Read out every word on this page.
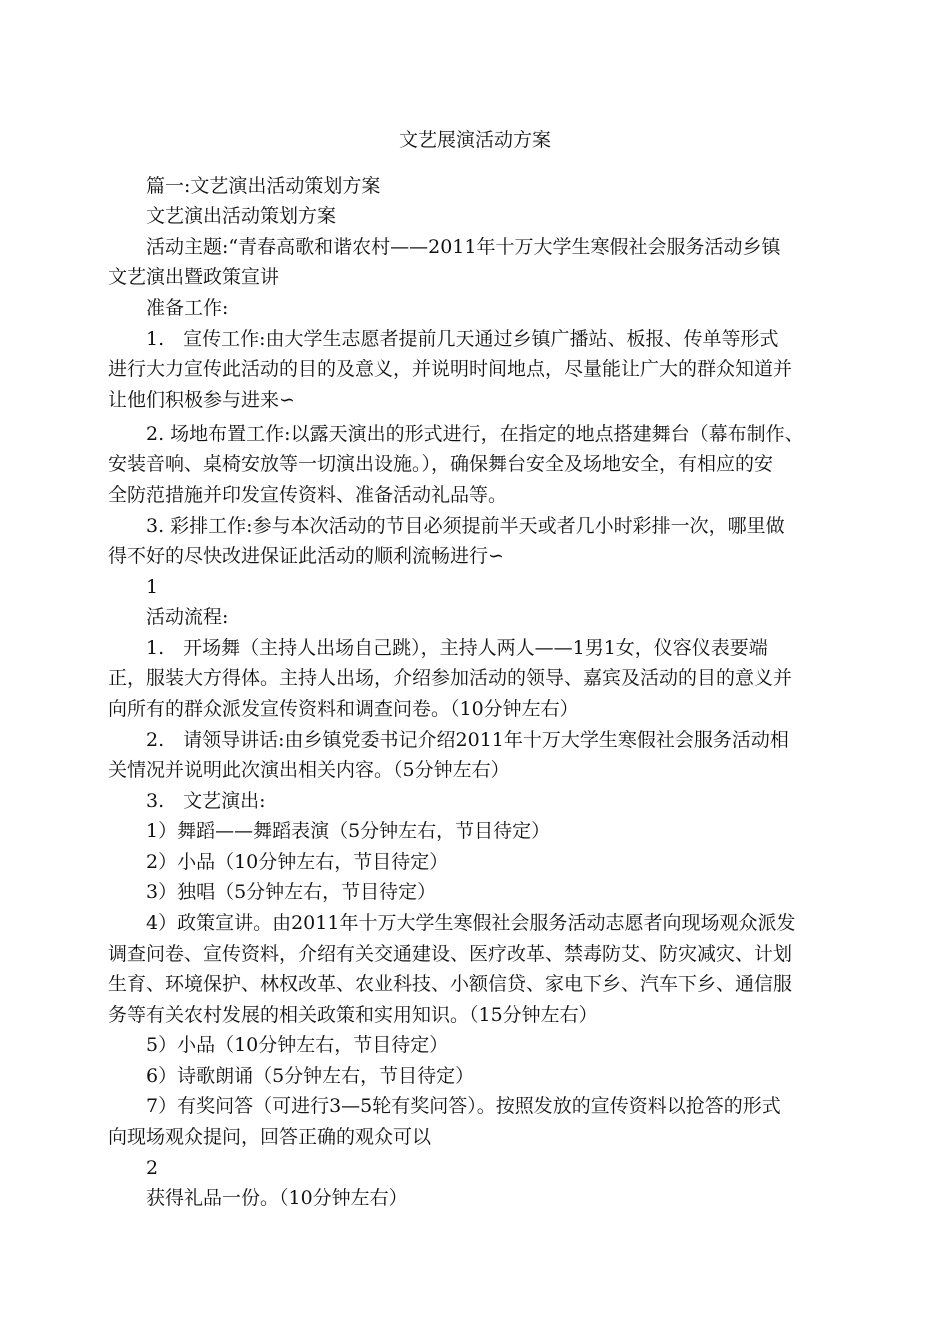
文艺展演活动方案
篇一:文艺演出活动策划方案
文艺演出活动策划方案
活动主题:“青春高歌和谐农村——2011年十万大学生寒假社会服务活动乡镇
文艺演出暨政策宣讲
准备工作:
1.　宣传工作:由大学生志愿者提前几天通过乡镇广播站、板报、传单等形式
进行大力宣传此活动的目的及意义，并说明时间地点，尽量能让广大的群众知道并
让他们积极参与进来∽
2. 场地布置工作:以露天演出的形式进行，在指定的地点搭建舞台（幕布制作、
安装音响、桌椅安放等一切演出设施。），确保舞台安全及场地安全，有相应的安
全防范措施并印发宣传资料、准备活动礼品等。
3. 彩排工作:参与本次活动的节目必须提前半天或者几小时彩排一次，哪里做
得不好的尽快改进保证此活动的顺利流畅进行∽
1
活动流程:
1.　开场舞（主持人出场自己跳），主持人两人——1男1女，仪容仪表要端
正，服装大方得体。主持人出场，介绍参加活动的领导、嘉宾及活动的目的意义并
向所有的群众派发宣传资料和调查问卷。（10分钟左右）
2.　请领导讲话:由乡镇党委书记介绍2011年十万大学生寒假社会服务活动相
关情况并说明此次演出相关内容。（5分钟左右）
3.　文艺演出:
1）舞蹈——舞蹈表演（5分钟左右，节目待定）
2）小品（10分钟左右，节目待定）
3）独唱（5分钟左右，节目待定）
4）政策宣讲。由2011年十万大学生寒假社会服务活动志愿者向现场观众派发
调查问卷、宣传资料，介绍有关交通建设、医疗改革、禁毒防艾、防灾减灾、计划
生育、环境保护、林权改革、农业科技、小额信贷、家电下乡、汽车下乡、通信服
务等有关农村发展的相关政策和实用知识。（15分钟左右）
5）小品（10分钟左右，节目待定）
6）诗歌朗诵（5分钟左右，节目待定）
7）有奖问答（可进行3—5轮有奖问答）。按照发放的宣传资料以抢答的形式
向现场观众提问，回答正确的观众可以
2
获得礼品一份。（10分钟左右）
